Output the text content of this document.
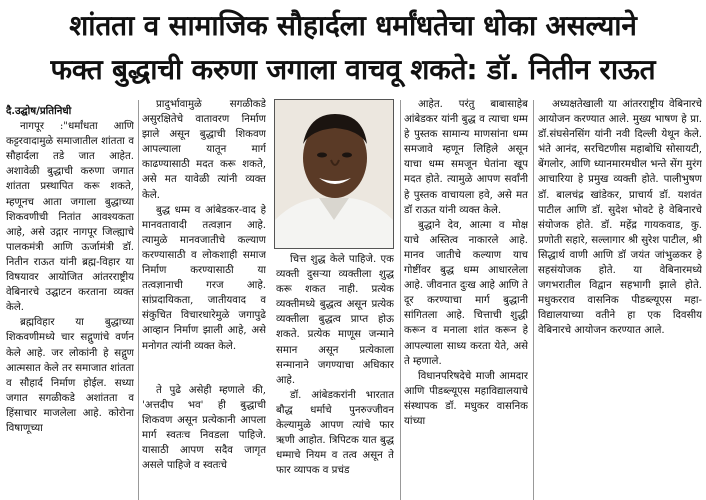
शांतता व सामाजिक सौहार्दला धर्मांधतेचा धोका असल्याने
फक्त बुद्धाची करुणा जगाला वाचवू शकते: डॉ. नितीन राऊत
दै.उद्घोष/प्रतिनिधी

नागपूर :"धर्मांधता आणि कट्टरवादामुळे समाजातील शांतता व सौहार्दला तडे जात आहेत. अशावेळी बुद्धाची करुणा जगात शांतता प्रस्थापित करू शकते, म्हणूनच आता जगाला बुद्धाच्या शिकवणीची नितांत आवश्यकता आहे, असे उद्गार नागपूर जिल्ह्याचे पालकमंत्री आणि ऊर्जामंत्री डॉ. नितीन राऊत यांनी ब्रह्म-विहार या विषयावर आयोजित आंतरराष्ट्रीय वेबिनारचे उद्घाटन करताना व्यक्त केले.

ब्रह्मविहार या बुद्धाच्या शिकवणीमध्ये चार सद्गुणांचे वर्णन केले आहे. जर लोकांनी हे सद्गुण आत्मसात केले तर समाजात शांतता व सौहार्द निर्माण होईल. सध्या जगात सगळीकडे अशांतता व हिंसाचार माजलेला आहे. कोरोना विषाणूच्या

प्रादुर्भावामुळे सगळीकडे असुरक्षितेचे वातावरण निर्माण झाले असून बुद्धाची शिकवण आपल्याला यातून मार्ग काढण्यासाठी मदत करू शकते, असे मत यावेळी त्यांनी व्यक्त केले.

बुद्ध धम्म व आंबेडकर-वाद हे मानवतावादी तत्वज्ञान आहे. त्यामुळे मानवजातीचे कल्याण करण्यासाठी व लोकशाही समाज निर्माण करण्यासाठी या तत्वज्ञानाची गरज आहे. सांप्रदायिकता, जातीयवाद व संकुचित विचारधारेमुळे जगापुढे आव्हान निर्माण झाली आहे, असे मनोगत त्यांनी व्यक्त केले.

ते पुढे असेही म्हणाले की, 'अत्तदीप भव' ही बुद्धाची शिकवण असून प्रत्येकानी आपला मार्ग स्वतःच निवडला पाहिजे. यासाठी आपण सदैव जागृत असले पाहिजे व स्वतःचे

चित्त शुद्ध केले पाहिजे. एक व्यक्ती दुसऱ्या व्यक्तीला शुद्ध करू शकत नाही. प्रत्येक व्यक्तीमध्ये बुद्धत्व असून प्रत्येक व्यक्तीला बुद्धत्व प्राप्त होऊ शकते. प्रत्येक माणूस जन्माने समान असून प्रत्येकाला सन्मानाने जगण्याचा अधिकार आहे.

डॉ. आंबेडकरांनी भारतात बौद्ध धर्माचे पुनरुज्जीवन केल्यामुळे आपण त्यांचे फार ऋणी आहोत. त्रिपिटक यात बुद्ध धम्माचे नियम व तत्व असून ते फार व्यापक व प्रचंड

आहेत. परंतु बाबासाहेब आंबेडकर यांनी बुद्ध व त्याचा धम्म हे पुस्तक सामान्य माणसांना धम्म समजावे म्हणून लिहिले असून याचा धम्म समजून घेतांना खूप मदत होते. त्यामुळे आपण सर्वांनी हे पुस्तक वाचायला हवे, असे मत डॉ राऊत यांनी व्यक्त केले.

बुद्धाने देव, आत्मा व मोक्ष याचे अस्तित्व नाकारले आहे. मानव जातीचे कल्याण याच गोष्टींवर बुद्ध धम्म आधारलेला आहे. जीवनात दुःख आहे आणि ते दूर करण्याचा मार्ग बुद्धानी सांगितला आहे. चित्ताची शुद्धी करून व मनाला शांत करून हे आपल्याला साध्य करता येते, असे ते म्हणाले.

विधानपरिषदेचे माजी आमदार आणि पीडब्ल्यूएस महाविद्यालयाचे संस्थापक डॉ. मधुकर वासनिक यांच्या

अध्यक्षतेखाली या आंतरराष्ट्रीय वेबिनारचे आयोजन करण्यात आले. मुख्य भाषण हे प्रा. डॉ.संघसेनसिंग यांनी नवी दिल्ली येथून केले. भंते आनंद, सरचिटणीस महाबोधि सोसायटी, बेंगलोर, आणि ध्यानमारमधील भन्ते सेंग मुरंग आचारिया हे प्रमुख व्यक्ती होते. पालीभुषण डॉ. बालचंद्र खांडेकर, प्राचार्य डॉ. यशवंत पाटील आणि डॉ. सुदेश भोवटे हे वेबिनारचे संयोजक होते. डॉ. महेंद्र गायकवाड, कु. प्रणोती सहारे, सल्लागार श्री सुरेश पाटील, श्री सिद्धार्थ वाणी आणि डॉ जयंत जांभुळकर हे सहसंयोजक होते. या वेबिनारमध्ये जगभरातील विद्वान सहभागी झाले होते. मधुकरराव वासनिक पीडब्ल्यूएस महा-विद्यालयाच्या वतीने हा एक दिवसीय वेबिनारचे आयोजन करण्यात आले.
